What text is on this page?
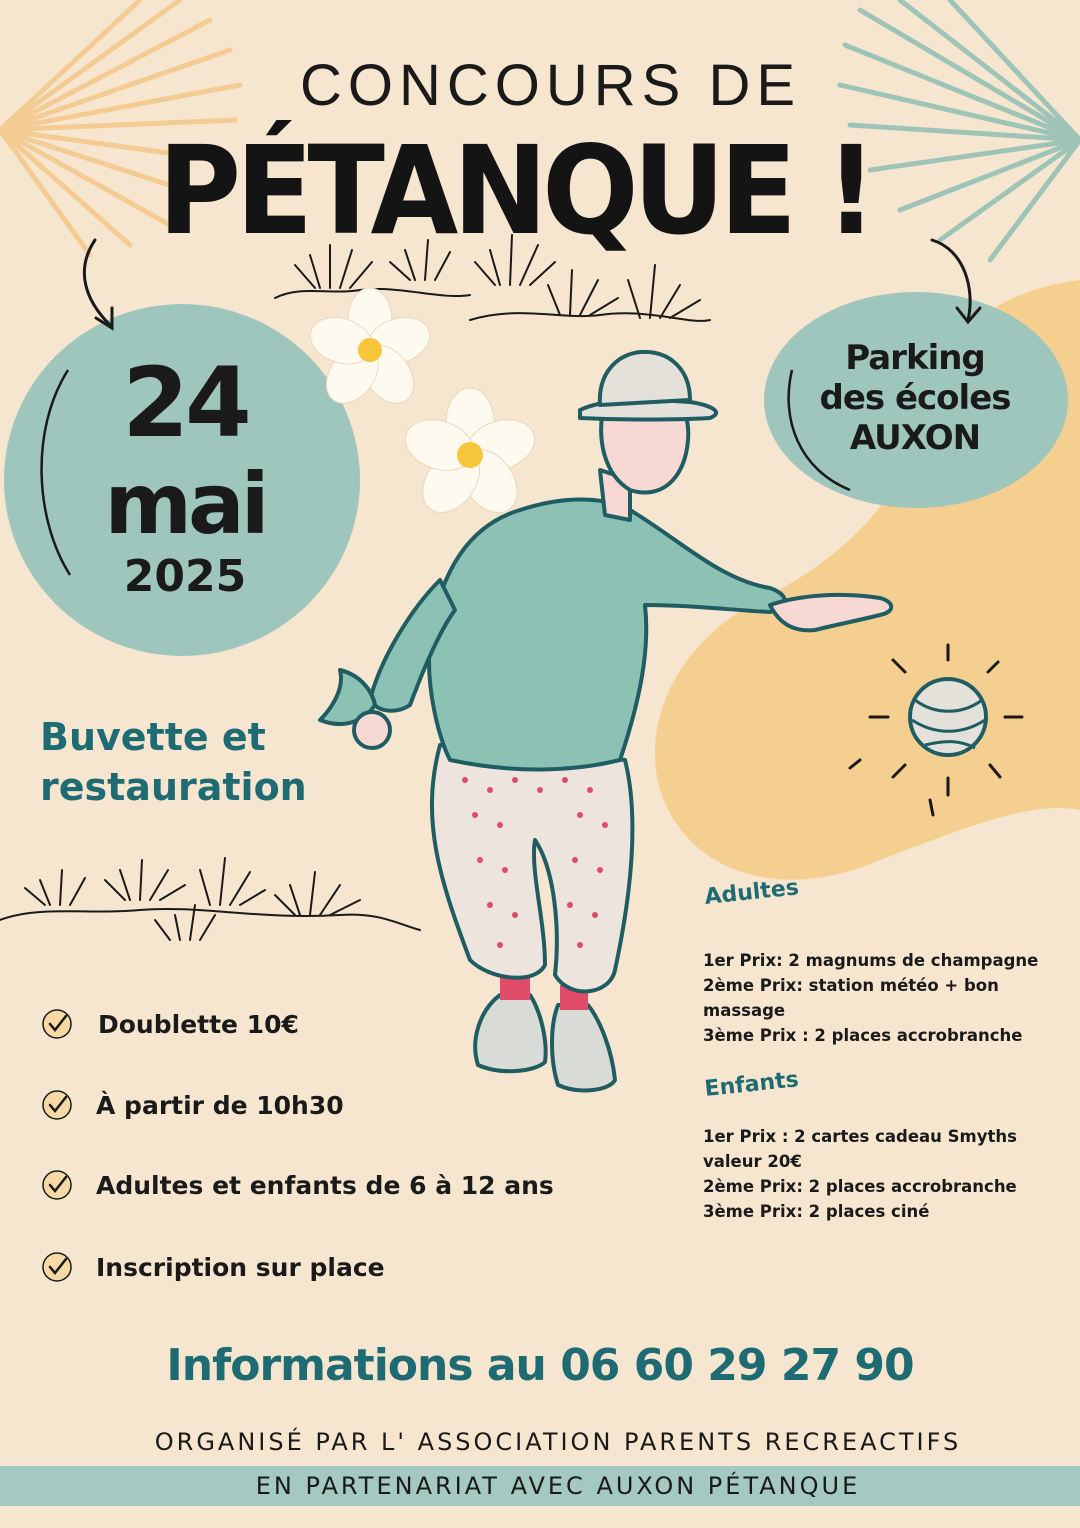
CONCOURS DE
PÉTANQUE !
24
mai
2025
Parking
des écoles
AUXON
Buvette et
restauration
Doublette 10€
À partir de 10h30
Adultes et enfants de 6 à 12 ans
Inscription sur place
Adultes
1er Prix: 2 magnums de champagne
2ème Prix: station météo + bon
massage
3ème Prix : 2 places accrobranche
Enfants
1er Prix : 2 cartes cadeau Smyths
valeur 20€
2ème Prix: 2 places accrobranche
3ème Prix: 2 places ciné
Informations au 06 60 29 27 90
ORGANISÉ PAR L' ASSOCIATION PARENTS RECREACTIFS
EN PARTENARIAT AVEC AUXON PÉTANQUE
